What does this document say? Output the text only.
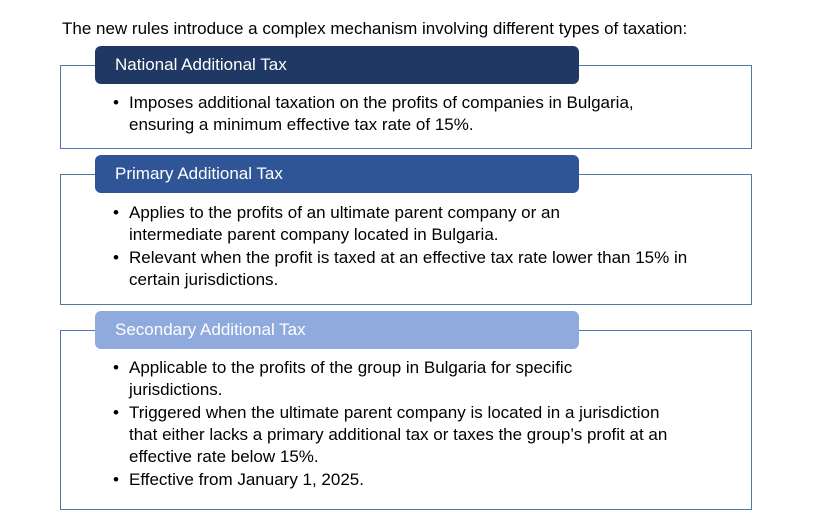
The new rules introduce a complex mechanism involving different types of taxation:
National Additional Tax
• Imposes additional taxation on the profits of companies in Bulgaria, ensuring a minimum effective tax rate of 15%.
Primary Additional Tax
• Applies to the profits of an ultimate parent company or an intermediate parent company located in Bulgaria.
• Relevant when the profit is taxed at an effective tax rate lower than 15% in certain jurisdictions.
Secondary Additional Tax
• Applicable to the profits of the group in Bulgaria for specific jurisdictions.
• Triggered when the ultimate parent company is located in a jurisdiction that either lacks a primary additional tax or taxes the group’s profit at an effective rate below 15%.
• Effective from January 1, 2025.
